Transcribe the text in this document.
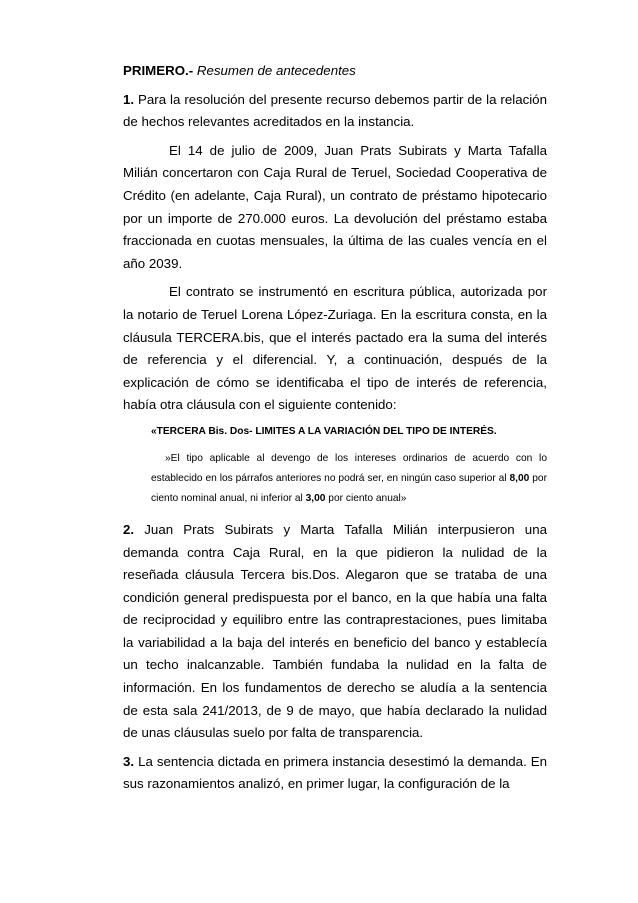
PRIMERO.- Resumen de antecedentes

1. Para la resolución del presente recurso debemos partir de la relación de hechos relevantes acreditados en la instancia.

El 14 de julio de 2009, Juan Prats Subirats y Marta Tafalla Milián concertaron con Caja Rural de Teruel, Sociedad Cooperativa de Crédito (en adelante, Caja Rural), un contrato de préstamo hipotecario por un importe de 270.000 euros. La devolución del préstamo estaba fraccionada en cuotas mensuales, la última de las cuales vencía en el año 2039.

El contrato se instrumentó en escritura pública, autorizada por la notario de Teruel Lorena López-Zuriaga. En la escritura consta, en la cláusula TERCERA.bis, que el interés pactado era la suma del interés de referencia y el diferencial. Y, a continuación, después de la explicación de cómo se identificaba el tipo de interés de referencia, había otra cláusula con el siguiente contenido:

«TERCERA Bis. Dos- LIMITES A LA VARIACIÓN DEL TIPO DE INTERÉS.

»El tipo aplicable al devengo de los intereses ordinarios de acuerdo con lo establecido en los párrafos anteriores no podrá ser, en ningún caso superior al 8,00 por ciento nominal anual, ni inferior al 3,00 por ciento anual»

2. Juan Prats Subirats y Marta Tafalla Milián interpusieron una demanda contra Caja Rural, en la que pidieron la nulidad de la reseñada cláusula Tercera bis.Dos. Alegaron que se trataba de una condición general predispuesta por el banco, en la que había una falta de reciprocidad y equilibro entre las contraprestaciones, pues limitaba la variabilidad a la baja del interés en beneficio del banco y establecía un techo inalcanzable. También fundaba la nulidad en la falta de información. En los fundamentos de derecho se aludía a la sentencia de esta sala 241/2013, de 9 de mayo, que había declarado la nulidad de unas cláusulas suelo por falta de transparencia.

3. La sentencia dictada en primera instancia desestimó la demanda. En sus razonamientos analizó, en primer lugar, la configuración de la
